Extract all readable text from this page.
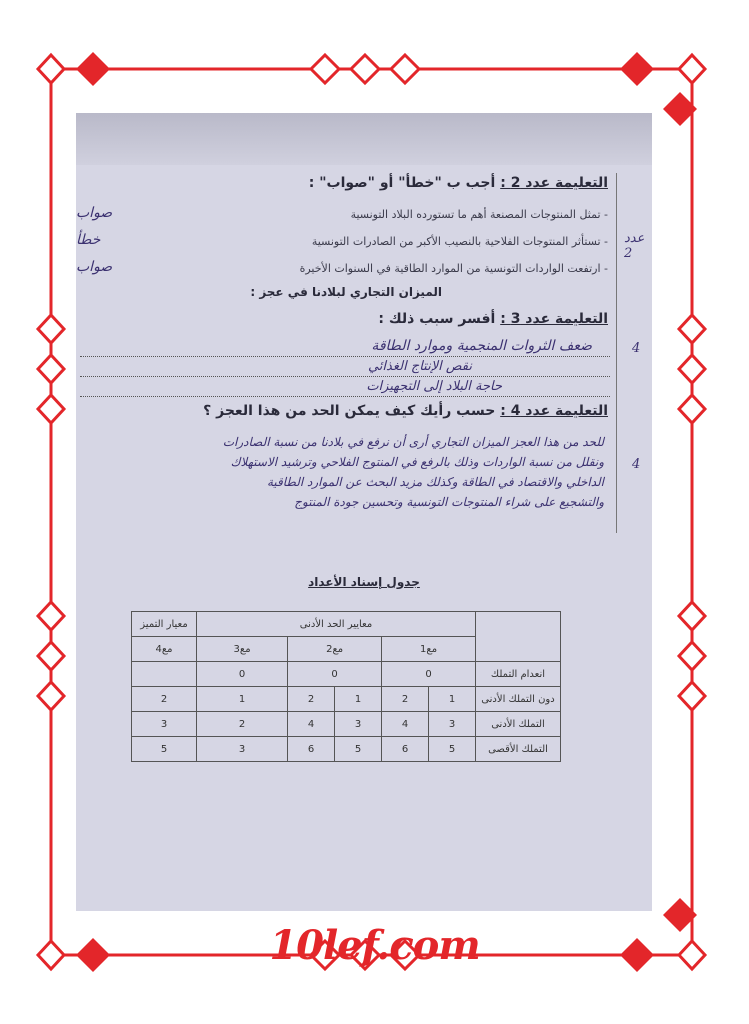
التعليمة عدد 2 : أجب ب "خطأ" أو "صواب" :
- تمثل المنتوجات المصنعة أهم ما تستورده البلاد التونسية
- تستأثر المنتوجات الفلاحية بالنصيب الأكبر من الصادرات التونسية
- ارتفعت الواردات التونسية من الموارد الطاقية في السنوات الأخيرة
صواب
خطأ
صواب
الميزان التجاري لبلادنا في عجز :
التعليمة عدد 3 : أفسر سبب ذلك :
ضعف الثروات المنجمية وموارد الطاقة
نقص الإنتاج الغذائي
حاجة البلاد إلى التجهيزات
التعليمة عدد 4 : حسب رأيك كيف يمكن الحد من هذا العجز ؟
للحد من هذا العجز الميزان التجاري أرى أن نرفع في بلادنا من نسبة الصادرات
ونقلل من نسبة الواردات وذلك بالرفع في المنتوج الفلاحي وترشيد الاستهلاك
الداخلي والاقتصاد في الطاقة وكذلك مزيد البحث عن الموارد الطاقية
والتشجيع على شراء المنتوجات التونسية وتحسين جودة المنتوج
عدد 2
4
4
جدول إسناد الأعداد
	معايير الحد الأدنى					معيار التميز
	مع1		مع2		مع3	مع4
انعدام التملك	0		0		0	
دون التملك الأدنى	1	2	1	2	1	2
التملك الأدنى	3	4	3	4	2	3
التملك الأقصى	5	6	5	6	3	5
10lef.com
